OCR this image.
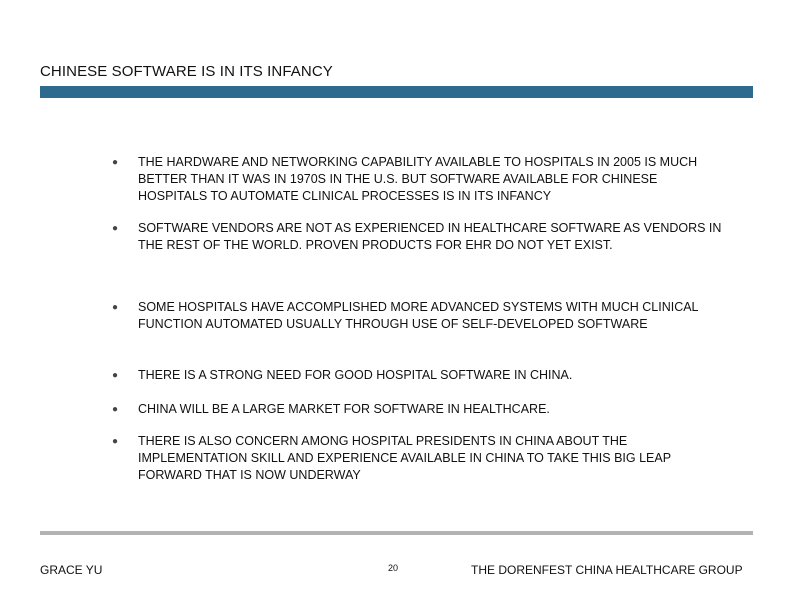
CHINESE SOFTWARE IS IN ITS INFANCY
● THE HARDWARE AND NETWORKING CAPABILITY AVAILABLE TO HOSPITALS IN 2005 IS MUCH BETTER THAN IT WAS IN 1970S IN THE U.S. BUT SOFTWARE AVAILABLE FOR CHINESE HOSPITALS TO AUTOMATE CLINICAL PROCESSES IS IN ITS INFANCY
● SOFTWARE VENDORS ARE NOT AS EXPERIENCED IN HEALTHCARE SOFTWARE AS VENDORS IN THE REST OF THE WORLD. PROVEN PRODUCTS FOR EHR DO NOT YET EXIST.
● SOME HOSPITALS HAVE ACCOMPLISHED MORE ADVANCED SYSTEMS WITH MUCH CLINICAL FUNCTION AUTOMATED USUALLY THROUGH USE OF SELF-DEVELOPED SOFTWARE
● THERE IS A STRONG NEED FOR GOOD HOSPITAL SOFTWARE IN CHINA.
● CHINA WILL BE A LARGE MARKET FOR SOFTWARE IN HEALTHCARE.
● THERE IS ALSO CONCERN AMONG HOSPITAL PRESIDENTS IN CHINA ABOUT THE IMPLEMENTATION SKILL AND EXPERIENCE AVAILABLE IN CHINA TO TAKE THIS BIG LEAP FORWARD THAT IS NOW UNDERWAY
GRACE YU	20	THE DORENFEST CHINA HEALTHCARE GROUP
